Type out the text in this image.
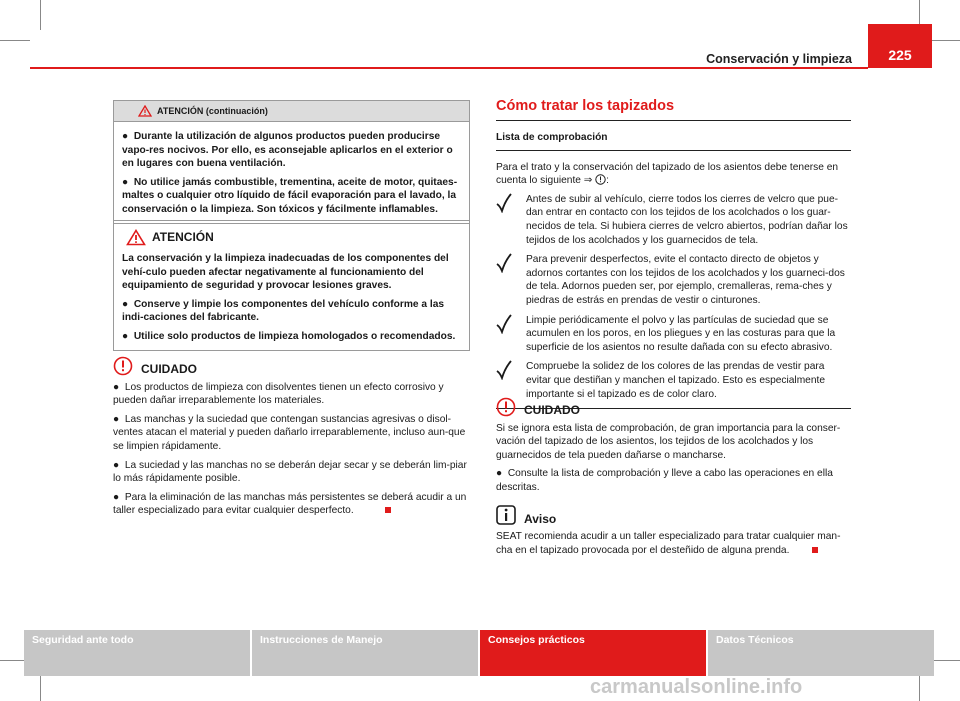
Conservación y limpieza	225
ATENCIÓN (continuación)

●  Durante la utilización de algunos productos pueden producirse vapo-res nocivos. Por ello, es aconsejable aplicarlos en el exterior o en lugares con buena ventilación.

●  No utilice jamás combustible, trementina, aceite de motor, quitaes-maltes o cualquier otro líquido de fácil evaporación para el lavado, la conservación o la limpieza. Son tóxicos y fácilmente inflamables.

ATENCIÓN

La conservación y la limpieza inadecuadas de los componentes del vehí-culo pueden afectar negativamente al funcionamiento del equipamiento de seguridad y provocar lesiones graves.

●  Conserve y limpie los componentes del vehículo conforme a las indi-caciones del fabricante.

●  Utilice solo productos de limpieza homologados o recomendados.

CUIDADO

●  Los productos de limpieza con disolventes tienen un efecto corrosivo y pueden dañar irreparablemente los materiales.

●  Las manchas y la suciedad que contengan sustancias agresivas o disol-ventes atacan el material y pueden dañarlo irreparablemente, incluso aun-que se limpien rápidamente.

●  La suciedad y las manchas no se deberán dejar secar y se deberán lim-piar lo más rápidamente posible.

●  Para la eliminación de las manchas más persistentes se deberá acudir a un taller especializado para evitar cualquier desperfecto.

Cómo tratar los tapizados
Lista de comprobación

Para el trato y la conservación del tapizado de los asientos debe tenerse en cuenta lo siguiente ⇒ :

Antes de subir al vehículo, cierre todos los cierres de velcro que pue-dan entrar en contacto con los tejidos de los acolchados o los guar-necidos de tela. Si hubiera cierres de velcro abiertos, podrían dañar los tejidos de los acolchados y los guarnecidos de tela.
Para prevenir desperfectos, evite el contacto directo de objetos y adornos cortantes con los tejidos de los acolchados y los guarneci-dos de tela. Adornos pueden ser, por ejemplo, cremalleras, rema-ches y piedras de estrás en prendas de vestir o cinturones.
Limpie periódicamente el polvo y las partículas de suciedad que se acumulen en los poros, en los pliegues y en las costuras para que la superficie de los asientos no resulte dañada con su efecto abrasivo.
Compruebe la solidez de los colores de las prendas de vestir para evitar que destiñan y manchen el tapizado. Esto es especialmente importante si el tapizado es de color claro.
CUIDADO

Si se ignora esta lista de comprobación, de gran importancia para la conser-vación del tapizado de los asientos, los tejidos de los acolchados y los guarnecidos de tela pueden dañarse o mancharse.

●  Consulte la lista de comprobación y lleve a cabo las operaciones en ella descritas.

Aviso

SEAT recomienda acudir a un taller especializado para tratar cualquier man-cha en el tapizado provocada por el desteñido de alguna prenda.

Seguridad ante todo	Instrucciones de Manejo	Consejos prácticos	Datos Técnicos
carmanualsonline.info
